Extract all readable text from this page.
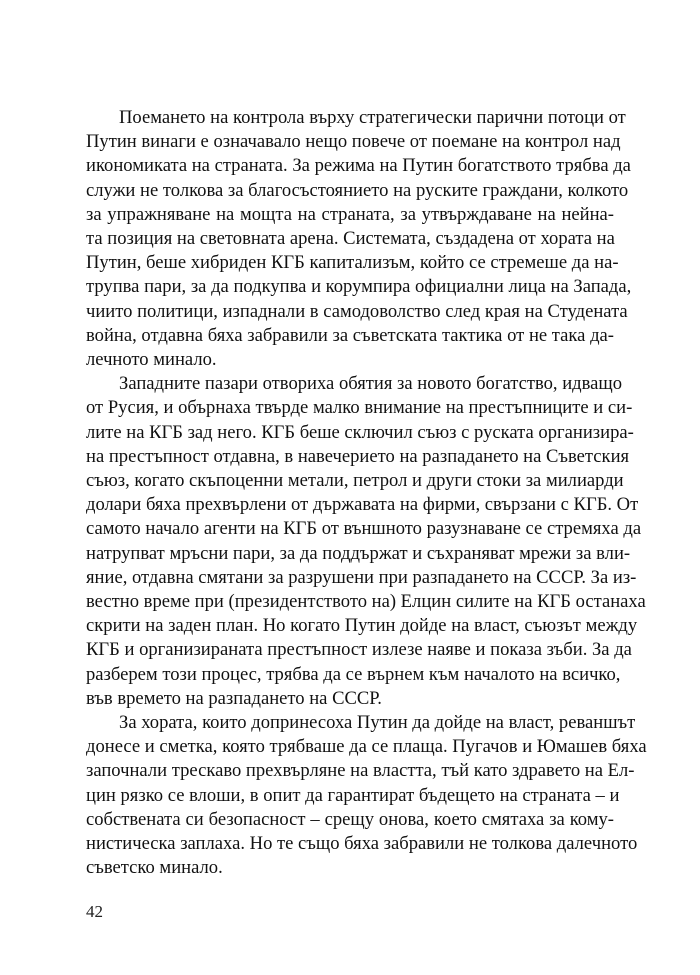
Поемането на контрола върху стратегически парични потоци от
Путин винаги е означавало нещо повече от поемане на контрол над
икономиката на страната. За режима на Путин богатството трябва да
служи не толкова за благосъстоянието на руските граждани, колкото
за упражняване на мощта на страната, за утвърждаване на нейна-
та позиция на световната арена. Системата, създадена от хората на
Путин, беше хибриден КГБ капитализъм, който се стремеше да на-
трупва пари, за да подкупва и корумпира официални лица на Запада,
чиито политици, изпаднали в самодоволство след края на Студената
война, отдавна бяха забравили за съветската тактика от не така да-
лечното минало.

Западните пазари отвориха обятия за новото богатство, идващо
от Русия, и обърнаха твърде малко внимание на престъпниците и си-
лите на КГБ зад него. КГБ беше сключил съюз с руската организира-
на престъпност отдавна, в навечерието на разпадането на Съветския
съюз, когато скъпоценни метали, петрол и други стоки за милиарди
долари бяха прехвърлени от държавата на фирми, свързани с КГБ. От
самото начало агенти на КГБ от външното разузнаване се стремяха да
натрупват мръсни пари, за да поддържат и съхраняват мрежи за вли-
яние, отдавна смятани за разрушени при разпадането на СССР. За из-
вестно време при (президентството на) Елцин силите на КГБ останаха
скрити на заден план. Но когато Путин дойде на власт, съюзът между
КГБ и организираната престъпност излезе наяве и показа зъби. За да
разберем този процес, трябва да се върнем към началото на всичко,
във времето на разпадането на СССР.

За хората, които допринесоха Путин да дойде на власт, реваншът
донесе и сметка, която трябваше да се плаща. Пугачов и Юмашев бяха
започнали трескаво прехвърляне на властта, тъй като здравето на Ел-
цин рязко се влоши, в опит да гарантират бъдещето на страната – и
собствената си безопасност – срещу онова, което смятаха за кому-
нистическа заплаха. Но те също бяха забравили не толкова далечното
съветско минало.

42
